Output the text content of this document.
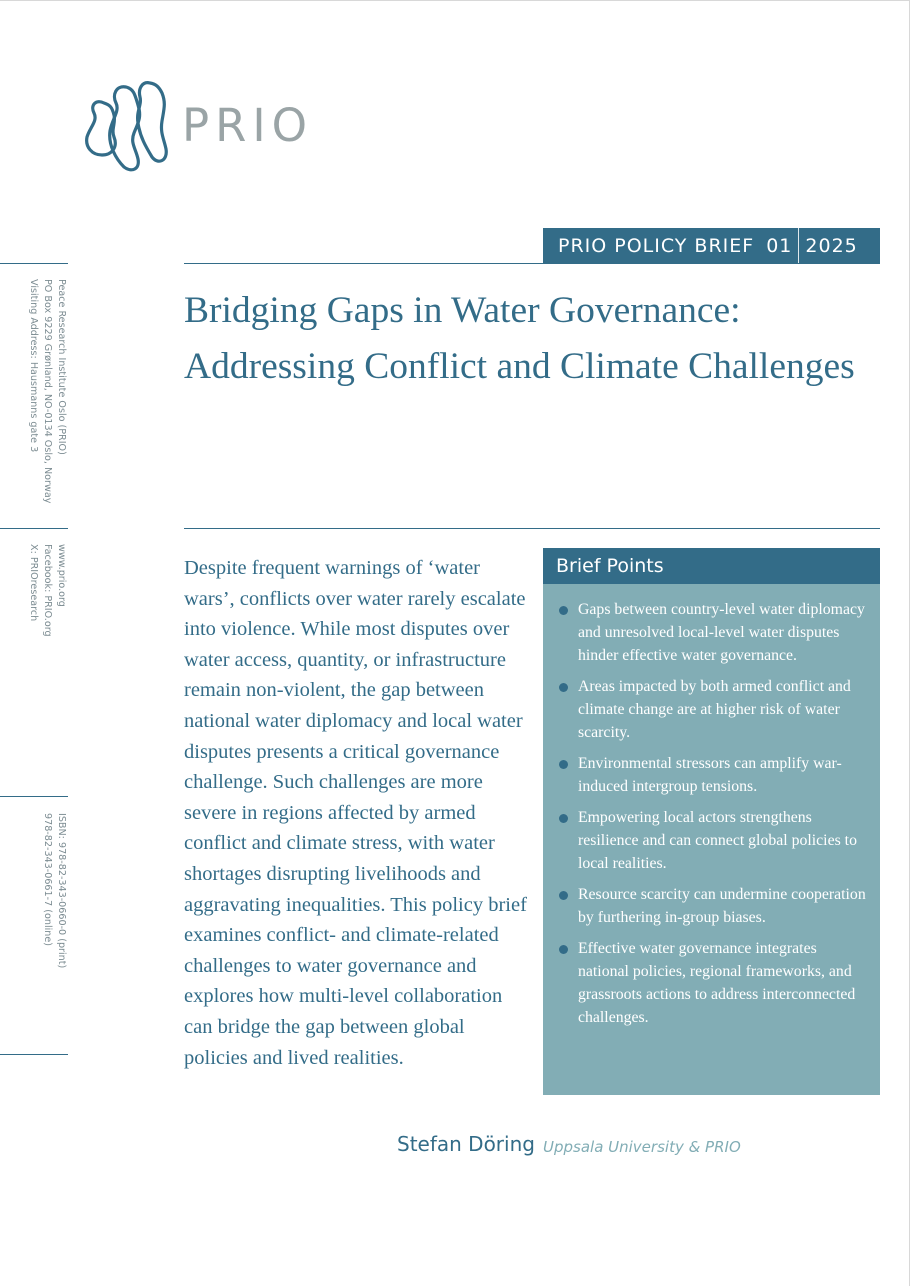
PRIO
PRIO POLICY BRIEF 01 2025
Bridging Gaps in Water Governance: Addressing Conflict and Climate Challenges
Peace Research Institute Oslo (PRIO)
PO Box 9229 Grønland, NO-0134 Oslo, Norway
Visiting Address: Hausmanns gate 3
www.prio.org
Facebook: PRIO.org
X: PRIOresearch
ISBN: 978-82-343-0660-0 (print)
978-82-343-0661-7 (online)

Despite frequent warnings of ‘water wars’, conflicts over water rarely escalate into violence. While most disputes over water access, quantity, or infrastructure remain non-violent, the gap between national water diplomacy and local water disputes presents a critical governance challenge. Such challenges are more severe in regions affected by armed conflict and climate stress, with water shortages disrupting livelihoods and aggravating inequalities. This policy brief examines conflict- and climate-related challenges to water governance and explores how multi-level collaboration can bridge the gap between global policies and lived realities.

Brief Points
Gaps between country-level water diplomacy and unresolved local-level water disputes hinder effective water governance.
Areas impacted by both armed conflict and climate change are at higher risk of water scarcity.
Environmental stressors can amplify war-induced intergroup tensions.
Empowering local actors strengthens resilience and can connect global policies to local realities.
Resource scarcity can undermine cooperation by furthering in-group biases.
Effective water governance integrates national policies, regional frameworks, and grassroots actions to address interconnected challenges.
Stefan Döring Uppsala University & PRIO
